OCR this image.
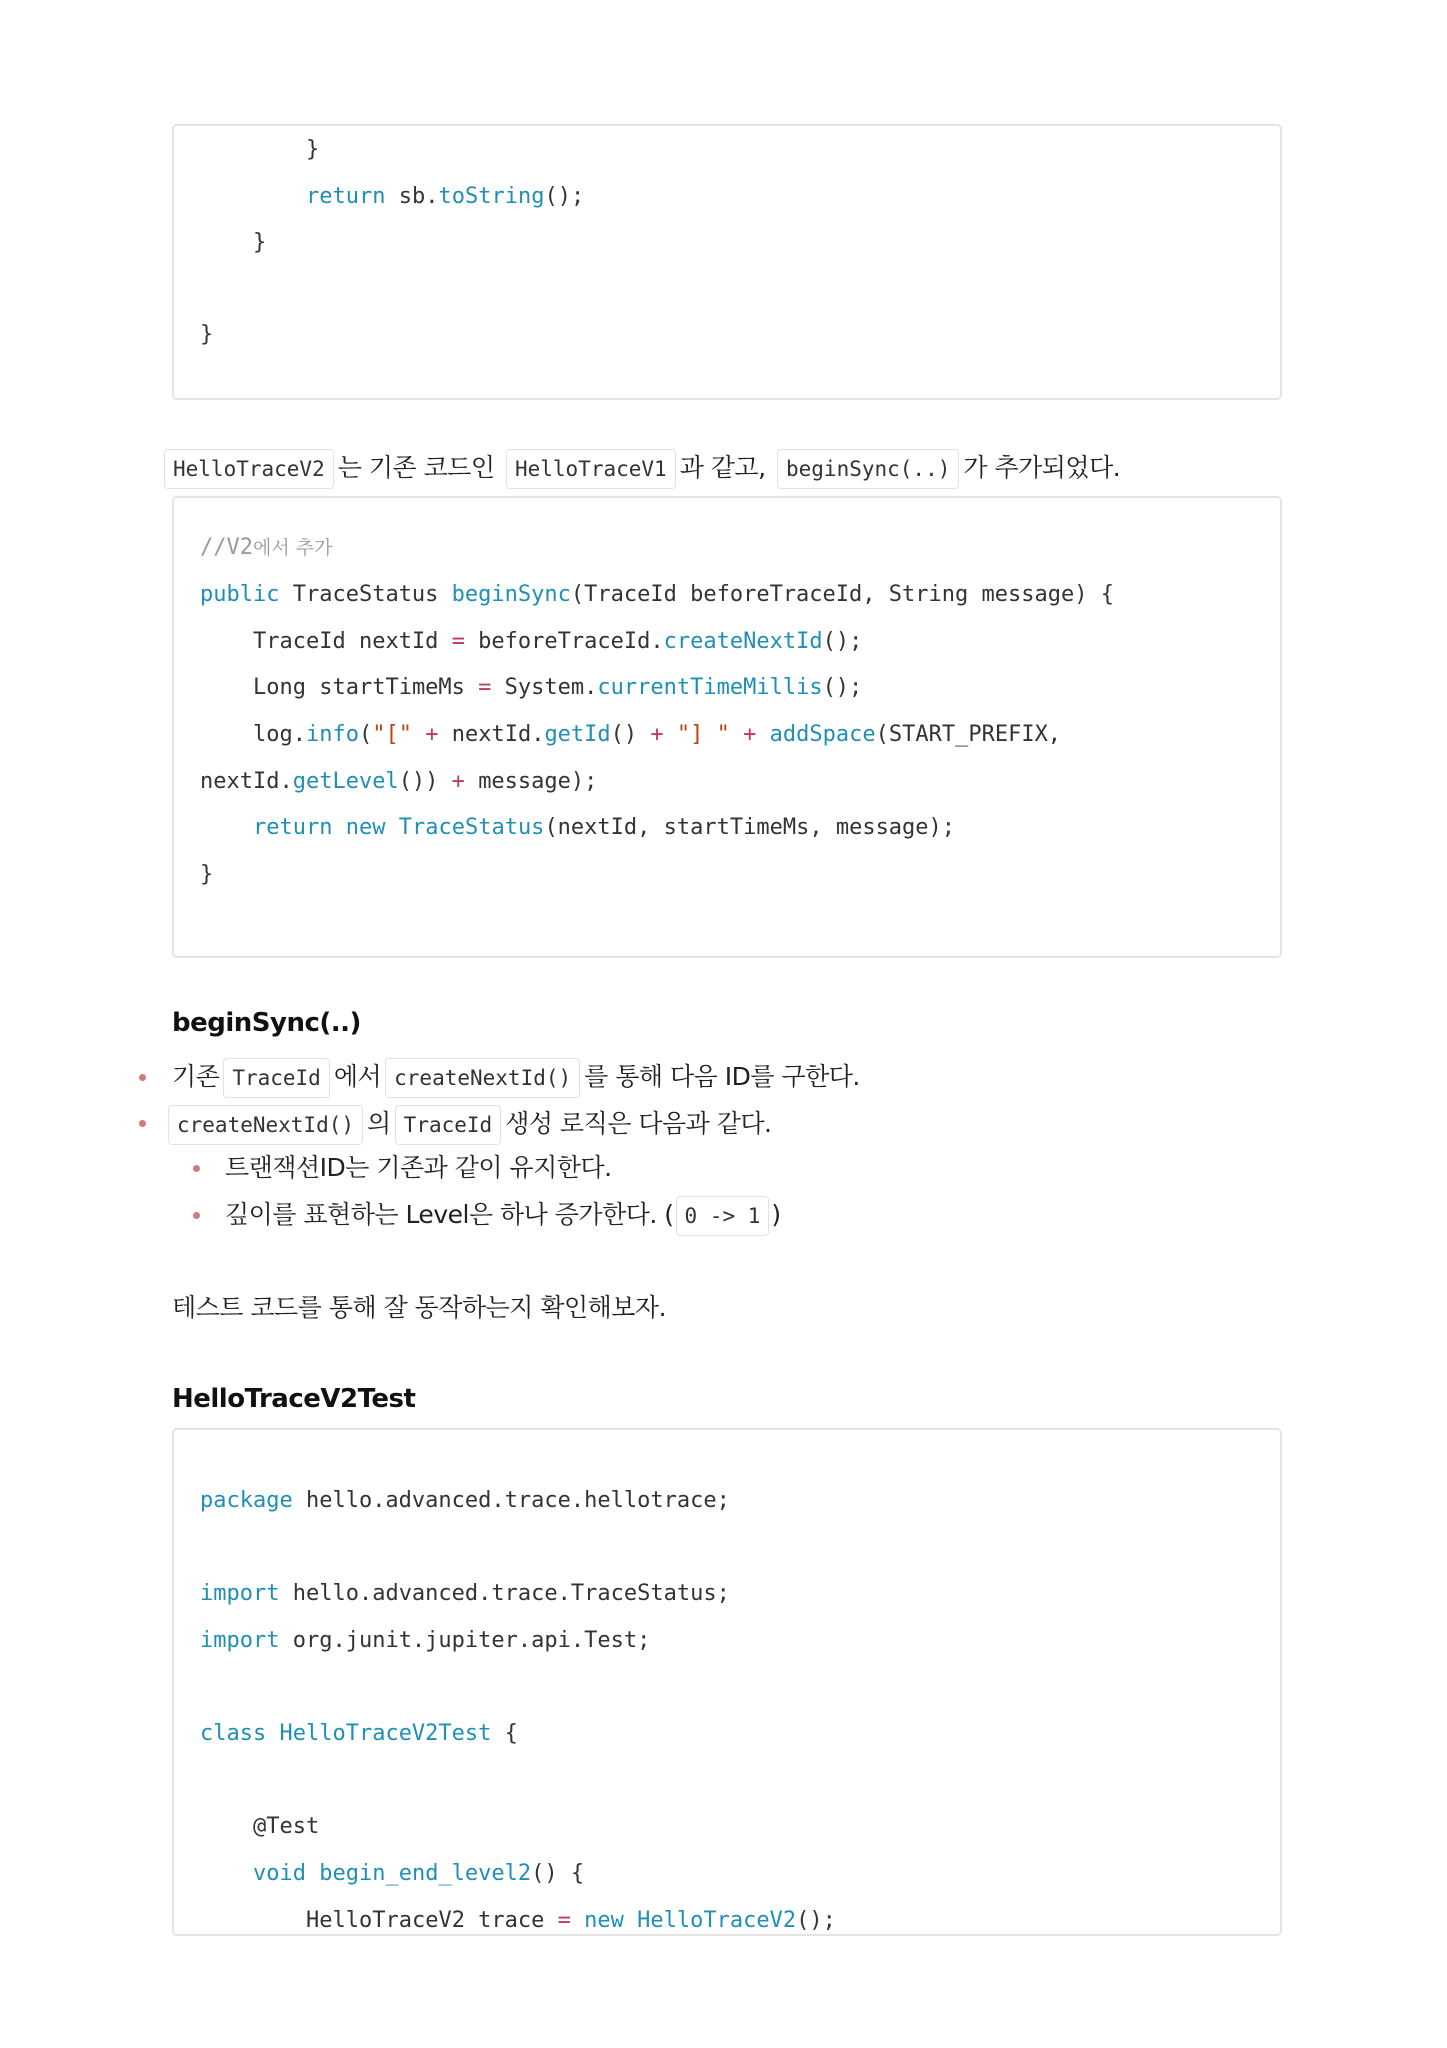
}
return sb.toString();
}
}
HelloTraceV2 는 기존 코드인 HelloTraceV1 과 같고, beginSync(..) 가 추가되었다.
//V2에서 추가
public TraceStatus beginSync(TraceId beforeTraceId, String message) {
TraceId nextId = beforeTraceId.createNextId();
Long startTimeMs = System.currentTimeMillis();
log.info("[" + nextId.getId() + "] " + addSpace(START_PREFIX,
nextId.getLevel()) + message);
return new TraceStatus(nextId, startTimeMs, message);
}
beginSync(..)
기존 TraceId 에서 createNextId() 를 통해 다음 ID를 구한다.
createNextId() 의 TraceId 생성 로직은 다음과 같다.
트랜잭션ID는 기존과 같이 유지한다.
깊이를 표현하는 Level은 하나 증가한다. ( 0 -> 1 )
테스트 코드를 통해 잘 동작하는지 확인해보자.
HelloTraceV2Test
package hello.advanced.trace.hellotrace;
import hello.advanced.trace.TraceStatus;
import org.junit.jupiter.api.Test;
class HelloTraceV2Test {
@Test
void begin_end_level2() {
HelloTraceV2 trace = new HelloTraceV2();
